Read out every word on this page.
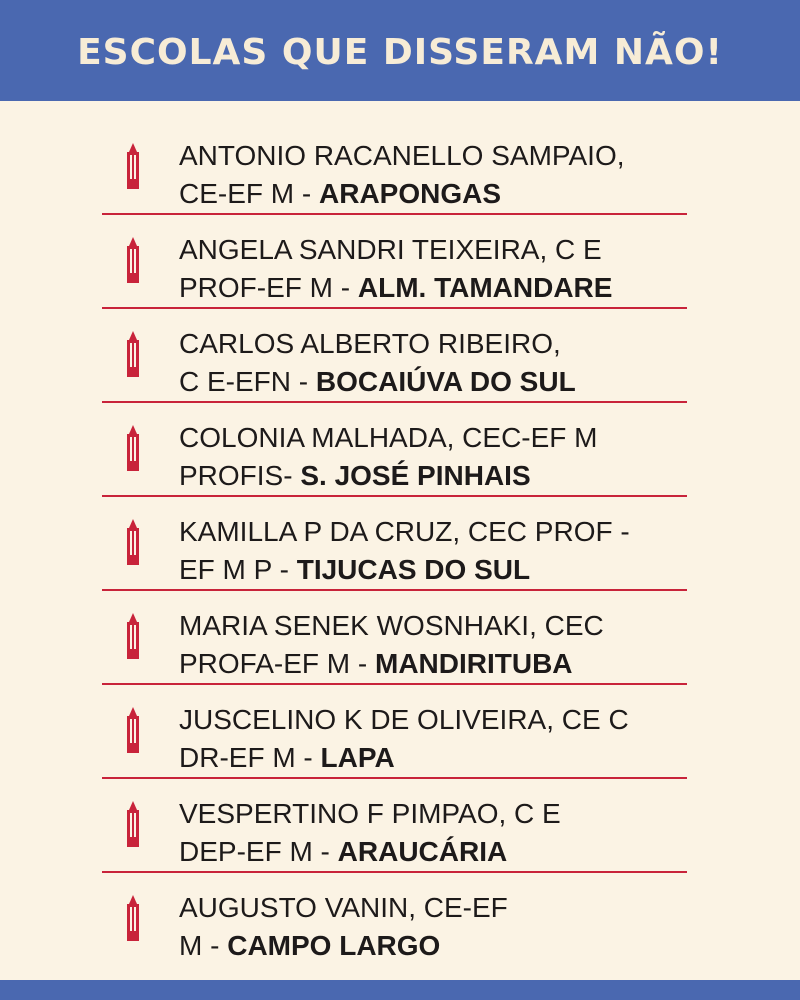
ESCOLAS QUE DISSERAM NÃO!
ANTONIO RACANELLO SAMPAIO,
CE-EF M - ARAPONGAS
ANGELA SANDRI TEIXEIRA, C E
PROF-EF M - ALM. TAMANDARE
CARLOS ALBERTO RIBEIRO,
C E-EFN - BOCAIÚVA DO SUL
COLONIA MALHADA, CEC-EF M
PROFIS- S. JOSÉ PINHAIS
KAMILLA P DA CRUZ, CEC PROF -
EF M P - TIJUCAS DO SUL
MARIA SENEK WOSNHAKI, CEC
PROFA-EF M - MANDIRITUBA
JUSCELINO K DE OLIVEIRA, CE C
DR-EF M - LAPA
VESPERTINO F PIMPAO, C E
DEP-EF M - ARAUCÁRIA
AUGUSTO VANIN, CE-EF
M - CAMPO LARGO
